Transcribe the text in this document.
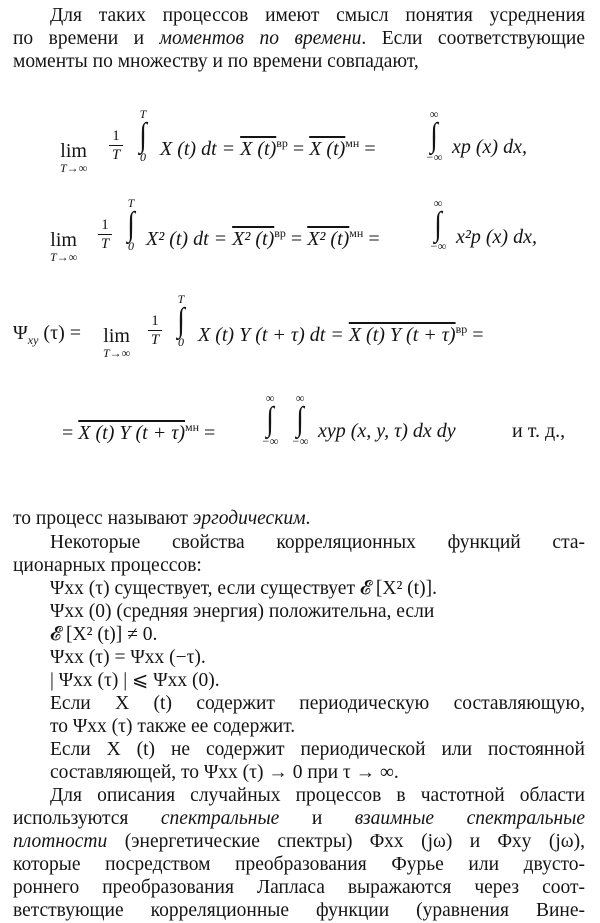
Для таких процессов имеют смысл понятия усреднения
по времени и моментов по времени. Если соответствующие
моменты по множеству и по времени совпадают,
lim
T→∞
1
T
T
∫
0 X (t) dt = X $(t)^{вр} = X$ $(t)^{мн}$ =
∞
∫
−∞ xp (x) dx,
lim
T→∞
1
T
T
∫
0 X² (t) dt = X² $(t)^{вр} = X^2$ $(t)^{мн}$ =
∞
∫
−∞ x²p (x) dx,
$\Psi_{xy}$ (τ) = lim
T→∞
1
T
T
∫
0 X (t) Y (t + τ) dt = X (t) Y $(t + \tau)^{вр}$ =
= X (t) Y $(t + \tau)^{мн}$ =
∞
∫
−∞
∞
∫
−∞ xyp (x, y, τ) dx dy	и т. д.,
то процесс называют эргодическим.
Некоторые свойства корреляционных функций ста-
ционарных процессов:
Ψxx (τ) существует, если существует 𝓔 [X² (t)].
Ψxx (0) (средняя энергия) положительна, если
𝓔 [X² (t)] ≠ 0.
Ψxx (τ) = Ψxx (−τ).
| Ψxx (τ) | ⩽ Ψxx (0).
Если X (t) содержит периодическую составляющую,
то Ψxx (τ) также ее содержит.
Если X (t) не содержит периодической или постоянной
составляющей, то Ψxx (τ) → 0 при τ → ∞.
Для описания случайных процессов в частотной области
используются спектральные и взаимные спектральные
плотности (энергетические спектры) Φxx (jω) и Φxy (jω),
которые посредством преобразования Фурье или двусто-
роннего преобразования Лапласа выражаются через соот-
ветствующие корреляционные функции (уравнения Вине-
